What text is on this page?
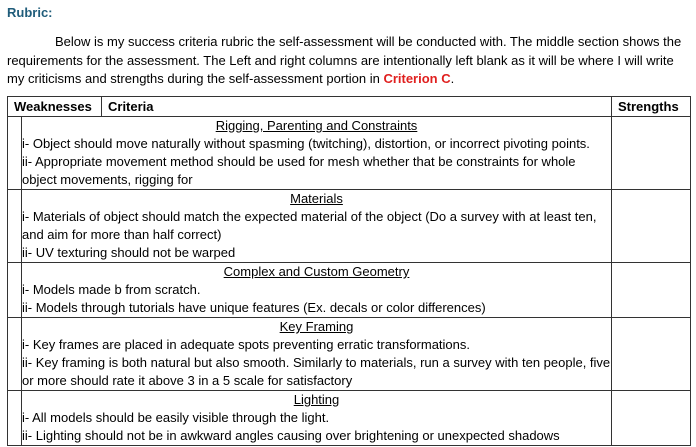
Rubric:

Below is my success criteria rubric the self-assessment will be conducted with. The middle section shows the requirements for the assessment. The Left and right columns are intentionally left blank as it will be where I will write my criticisms and strengths during the self-assessment portion in Criterion C.

Weaknesses Criteria		Strengths

	Rigging, Parenting and Constraints
i- Object should move naturally without spasming (twitching), distortion, or incorrect pivoting points.
ii- Appropriate movement method should be used for mesh whether that be constraints for whole object movements, rigging for	

	Materials
i- Materials of object should match the expected material of the object (Do a survey with at least ten, and aim for more than half correct)
ii- UV texturing should not be warped	

	Complex and Custom Geometry
i- Models made b from scratch.
ii- Models through tutorials have unique features (Ex. decals or color differences)	

	Key Framing
i- Key frames are placed in adequate spots preventing erratic transformations.
ii- Key framing is both natural but also smooth. Similarly to materials, run a survey with ten people, five or more should rate it above 3 in a 5 scale for satisfactory	

	Lighting
i- All models should be easily visible through the light.
ii- Lighting should not be in awkward angles causing over brightening or unexpected shadows	
